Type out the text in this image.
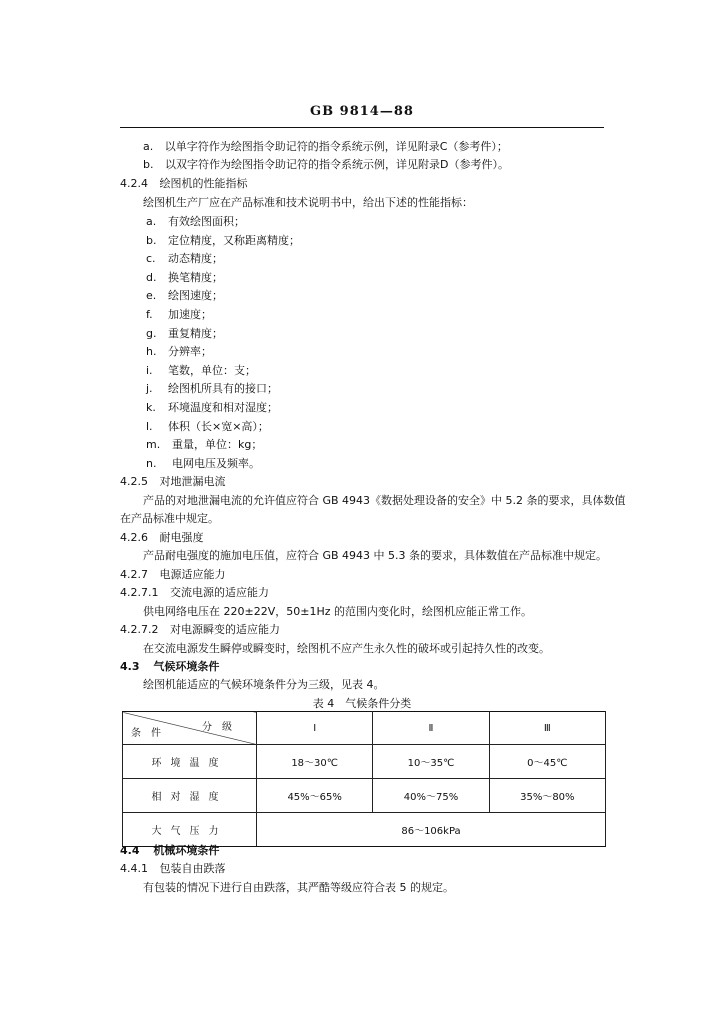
GB 9814—88
a. 以单字符作为绘图指令助记符的指令系统示例，详见附录C（参考件）；
b. 以双字符作为绘图指令助记符的指令系统示例，详见附录D（参考件）。
4.2.4 绘图机的性能指标
绘图机生产厂应在产品标准和技术说明书中，给出下述的性能指标：
a. 有效绘图面积；
b. 定位精度，又称距离精度；
c. 动态精度；
d. 换笔精度；
e. 绘图速度；
f. 加速度；
g. 重复精度；
h. 分辨率；
i. 笔数，单位：支；
j. 绘图机所具有的接口；
k. 环境温度和相对湿度；
l. 体积（长×宽×高）；
m. 重量，单位：kg；
n. 电网电压及频率。
4.2.5 对地泄漏电流
产品的对地泄漏电流的允许值应符合 GB 4943《数据处理设备的安全》中 5.2 条的要求，具体数值
在产品标准中规定。
4.2.6 耐电强度
产品耐电强度的施加电压值，应符合 GB 4943 中 5.3 条的要求，具体数值在产品标准中规定。
4.2.7 电源适应能力
4.2.7.1 交流电源的适应能力
供电网络电压在 220±22V，50±1Hz 的范围内变化时，绘图机应能正常工作。
4.2.7.2 对电源瞬变的适应能力
在交流电源发生瞬停或瞬变时，绘图机不应产生永久性的破坏或引起持久性的改变。
4.3 气候环境条件
绘图机能适应的气候环境条件分为三级，见表 4。
表 4　气候条件分类
分级
条件	Ⅰ	Ⅱ	Ⅲ
环境温度	18～30℃	10～35℃	0～45℃
相对湿度	45%～65%	40%～75%	35%～80%
大气压力	86～106kPa		
4.4 机械环境条件
4.4.1 包装自由跌落
有包装的情况下进行自由跌落，其严酷等级应符合表 5 的规定。
